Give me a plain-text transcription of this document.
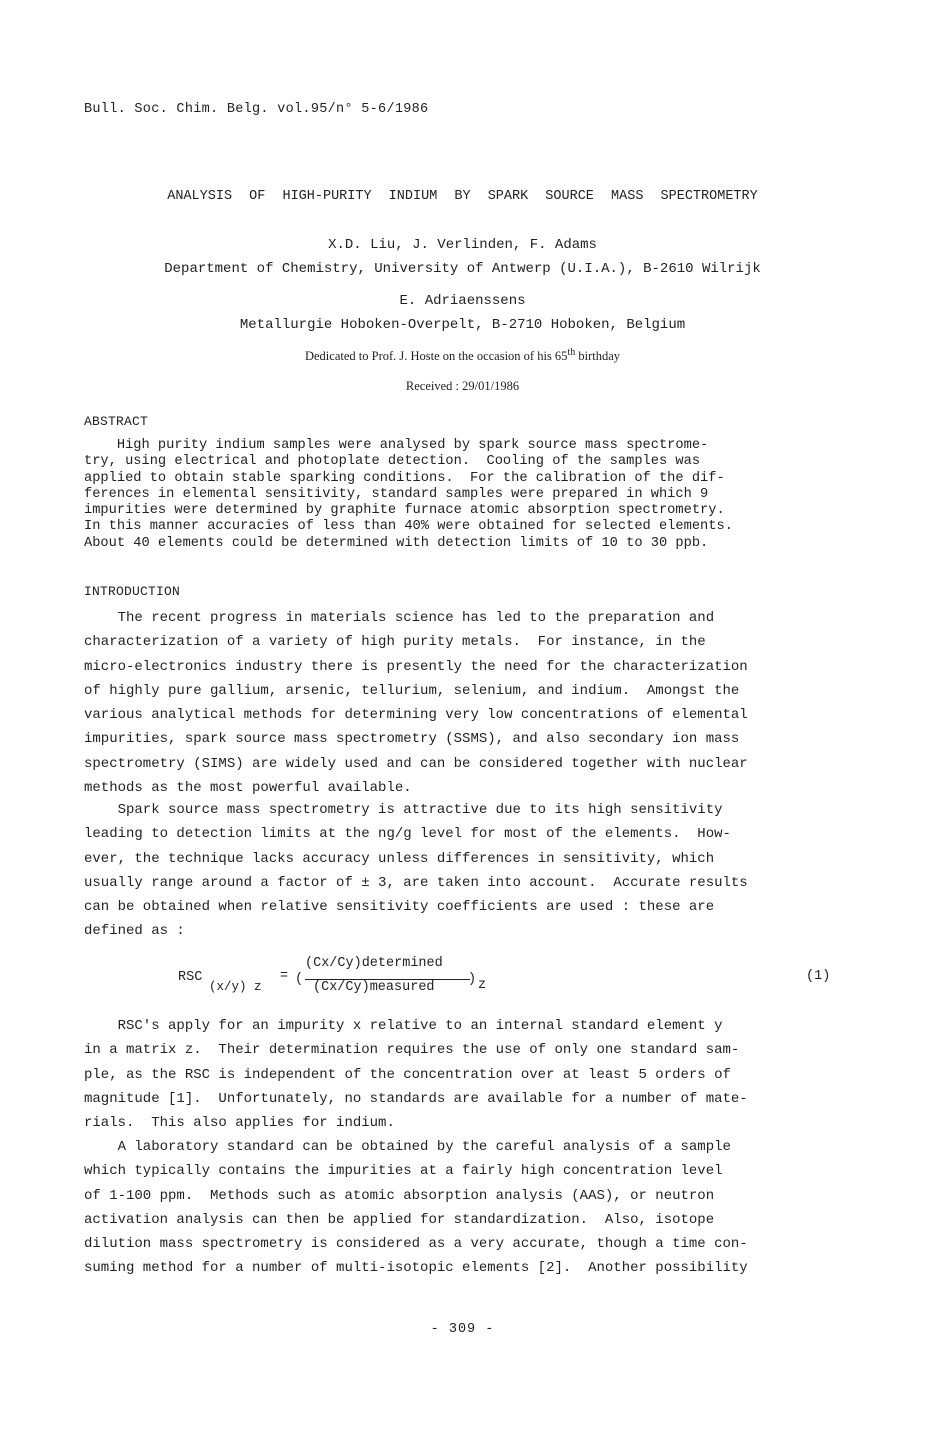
Bull. Soc. Chim. Belg. vol.95/n° 5-6/1986
ANALYSIS OF HIGH-PURITY INDIUM BY SPARK SOURCE MASS SPECTROMETRY
X.D. Liu, J. Verlinden, F. Adams
Department of Chemistry, University of Antwerp (U.I.A.), B-2610 Wilrijk
E. Adriaenssens
Metallurgie Hoboken-Overpelt, B-2710 Hoboken, Belgium
Dedicated to Prof. J. Hoste on the occasion of his 65th birthday
Received : 29/01/1986
ABSTRACT
High purity indium samples were analysed by spark source mass spectrome-
try, using electrical and photoplate detection.  Cooling of the samples was
applied to obtain stable sparking conditions.  For the calibration of the dif-
ferences in elemental sensitivity, standard samples were prepared in which 9
impurities were determined by graphite furnace atomic absorption spectrometry.
In this manner accuracies of less than 40% were obtained for selected elements.
About 40 elements could be determined with detection limits of 10 to 30 ppb.
INTRODUCTION
The recent progress in materials science has led to the preparation and
characterization of a variety of high purity metals.  For instance, in the
micro-electronics industry there is presently the need for the characterization
of highly pure gallium, arsenic, tellurium, selenium, and indium.  Amongst the
various analytical methods for determining very low concentrations of elemental
impurities, spark source mass spectrometry (SSMS), and also secondary ion mass
spectrometry (SIMS) are widely used and can be considered together with nuclear
methods as the most powerful available.
Spark source mass spectrometry is attractive due to its high sensitivity
leading to detection limits at the ng/g level for most of the elements.  How-
ever, the technique lacks accuracy unless differences in sensitivity, which
usually range around a factor of ± 3, are taken into account.  Accurate results
can be obtained when relative sensitivity coefficients are used : these are
defined as :
RSC
(x/y) z
= (
(Cx/Cy)determined
(Cx/Cy)measured
) z
(1)
RSC's apply for an impurity x relative to an internal standard element y
in a matrix z.  Their determination requires the use of only one standard sam-
ple, as the RSC is independent of the concentration over at least 5 orders of
magnitude [1].  Unfortunately, no standards are available for a number of mate-
rials.  This also applies for indium.
A laboratory standard can be obtained by the careful analysis of a sample
which typically contains the impurities at a fairly high concentration level
of 1-100 ppm.  Methods such as atomic absorption analysis (AAS), or neutron
activation analysis can then be applied for standardization.  Also, isotope
dilution mass spectrometry is considered as a very accurate, though a time con-
suming method for a number of multi-isotopic elements [2].  Another possibility
- 309 -
